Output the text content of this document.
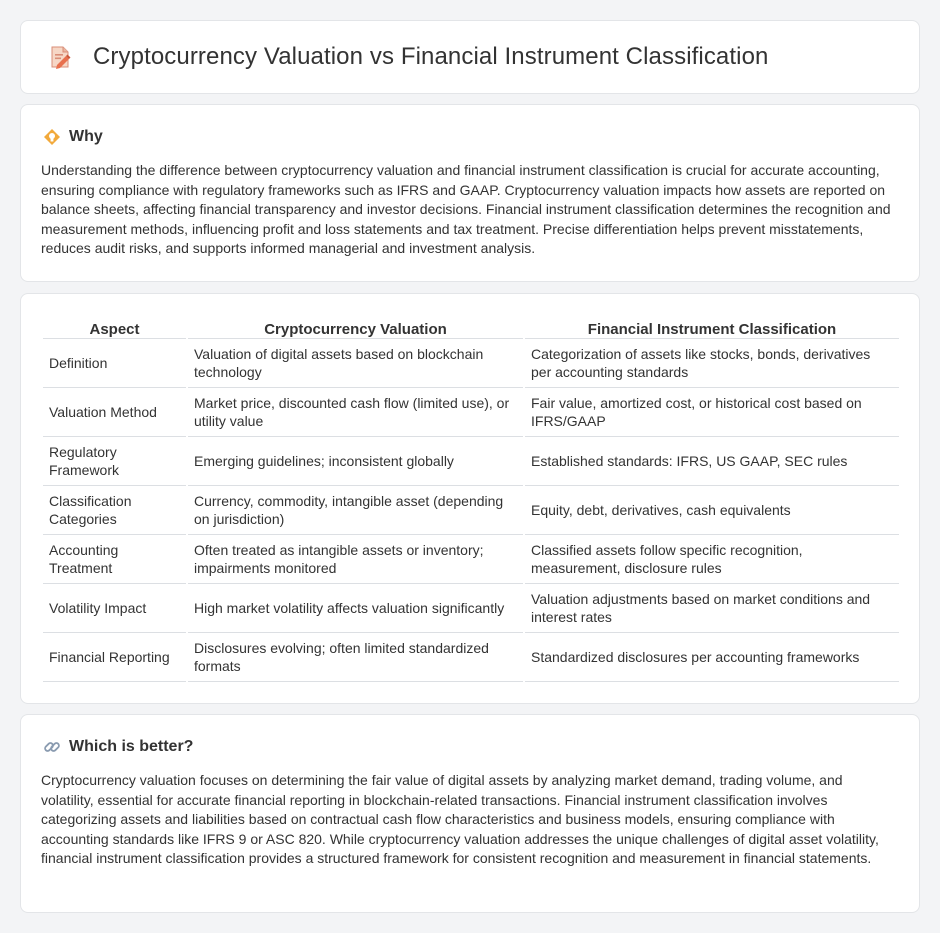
Cryptocurrency Valuation vs Financial Instrument Classification
Why

Understanding the difference between cryptocurrency valuation and financial instrument classification is crucial for accurate accounting, ensuring compliance with regulatory frameworks such as IFRS and GAAP. Cryptocurrency valuation impacts how assets are reported on balance sheets, affecting financial transparency and investor decisions. Financial instrument classification determines the recognition and measurement methods, influencing profit and loss statements and tax treatment. Precise differentiation helps prevent misstatements, reduces audit risks, and supports informed managerial and investment analysis.

Aspect	Cryptocurrency Valuation	Financial Instrument Classification
Definition	Valuation of digital assets based on blockchain technology	Categorization of assets like stocks, bonds, derivatives per accounting standards
Valuation Method	Market price, discounted cash flow (limited use), or utility value	Fair value, amortized cost, or historical cost based on IFRS/GAAP
Regulatory Framework	Emerging guidelines; inconsistent globally	Established standards: IFRS, US GAAP, SEC rules
Classification Categories	Currency, commodity, intangible asset (depending on jurisdiction)	Equity, debt, derivatives, cash equivalents
Accounting Treatment	Often treated as intangible assets or inventory; impairments monitored	Classified assets follow specific recognition, measurement, disclosure rules
Volatility Impact	High market volatility affects valuation significantly	Valuation adjustments based on market conditions and interest rates
Financial Reporting	Disclosures evolving; often limited standardized formats	Standardized disclosures per accounting frameworks
Which is better?

Cryptocurrency valuation focuses on determining the fair value of digital assets by analyzing market demand, trading volume, and volatility, essential for accurate financial reporting in blockchain-related transactions. Financial instrument classification involves categorizing assets and liabilities based on contractual cash flow characteristics and business models, ensuring compliance with accounting standards like IFRS 9 or ASC 820. While cryptocurrency valuation addresses the unique challenges of digital asset volatility, financial instrument classification provides a structured framework for consistent recognition and measurement in financial statements.
